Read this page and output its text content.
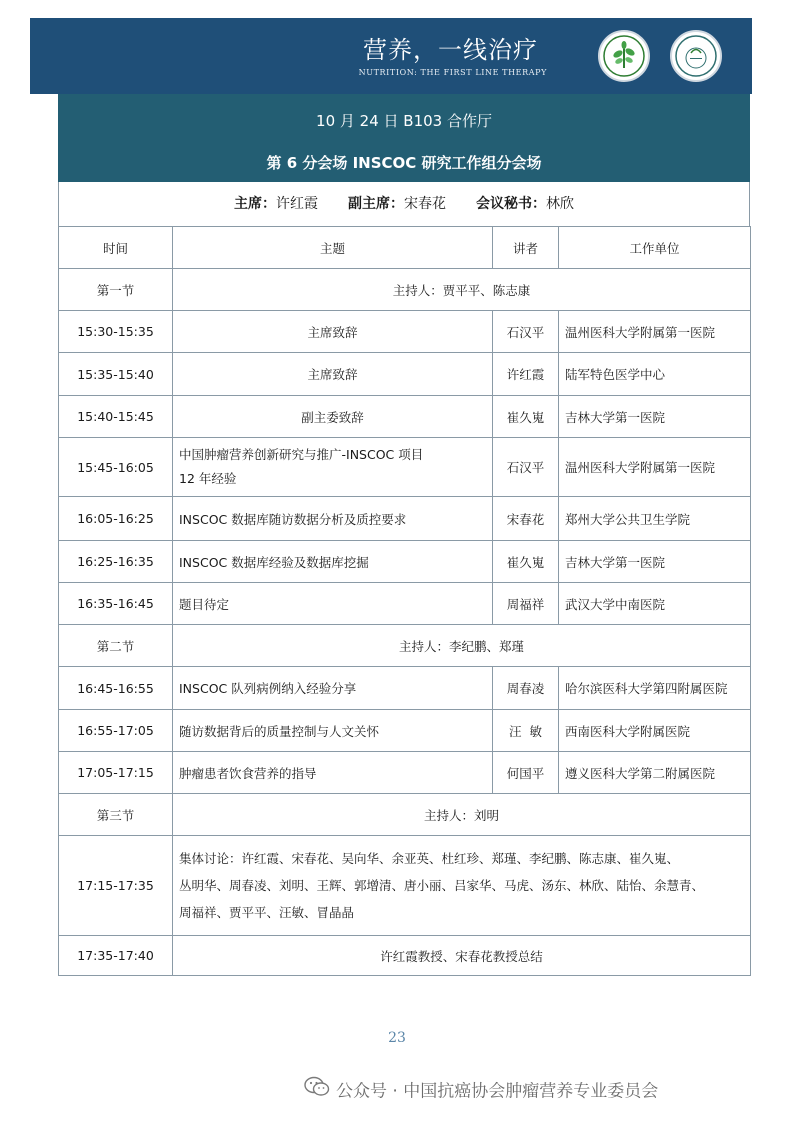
营养，一线治疗
NUTRITION: THE FIRST LINE THERAPY
10 月 24 日 B103 合作厅
第 6 分会场 INSCOC 研究工作组分会场
主席：许红霞 副主席：宋春花 会议秘书：林欣
时间	主题	讲者	工作单位
第一节	主持人：贾平平、陈志康		
15:30-15:35	主席致辞	石汉平	温州医科大学附属第一医院
15:35-15:40	主席致辞	许红霞	陆军特色医学中心
15:40-15:45	副主委致辞	崔久嵬	吉林大学第一医院
15:45-16:05	中国肿瘤营养创新研究与推广-INSCOC 项目
12 年经验	石汉平	温州医科大学附属第一医院
16:05-16:25	INSCOC 数据库随访数据分析及质控要求	宋春花	郑州大学公共卫生学院
16:25-16:35	INSCOC 数据库经验及数据库挖掘	崔久嵬	吉林大学第一医院
16:35-16:45	题目待定	周福祥	武汉大学中南医院
第二节	主持人：李纪鹏、郑瑾		
16:45-16:55	INSCOC 队列病例纳入经验分享	周春凌	哈尔滨医科大学第四附属医院
16:55-17:05	随访数据背后的质量控制与人文关怀	汪  敏	西南医科大学附属医院
17:05-17:15	肿瘤患者饮食营养的指导	何国平	遵义医科大学第二附属医院
第三节	主持人：刘明		
17:15-17:35	集体讨论：许红霞、宋春花、吴向华、余亚英、杜红珍、郑瑾、李纪鹏、陈志康、崔久嵬、
丛明华、周春凌、刘明、王辉、郭增清、唐小丽、吕家华、马虎、汤东、林欣、陆怡、余慧青、
周福祥、贾平平、汪敏、冒晶晶		
17:35-17:40	许红霞教授、宋春花教授总结		
23
公众号 · 中国抗癌协会肿瘤营养专业委员会
